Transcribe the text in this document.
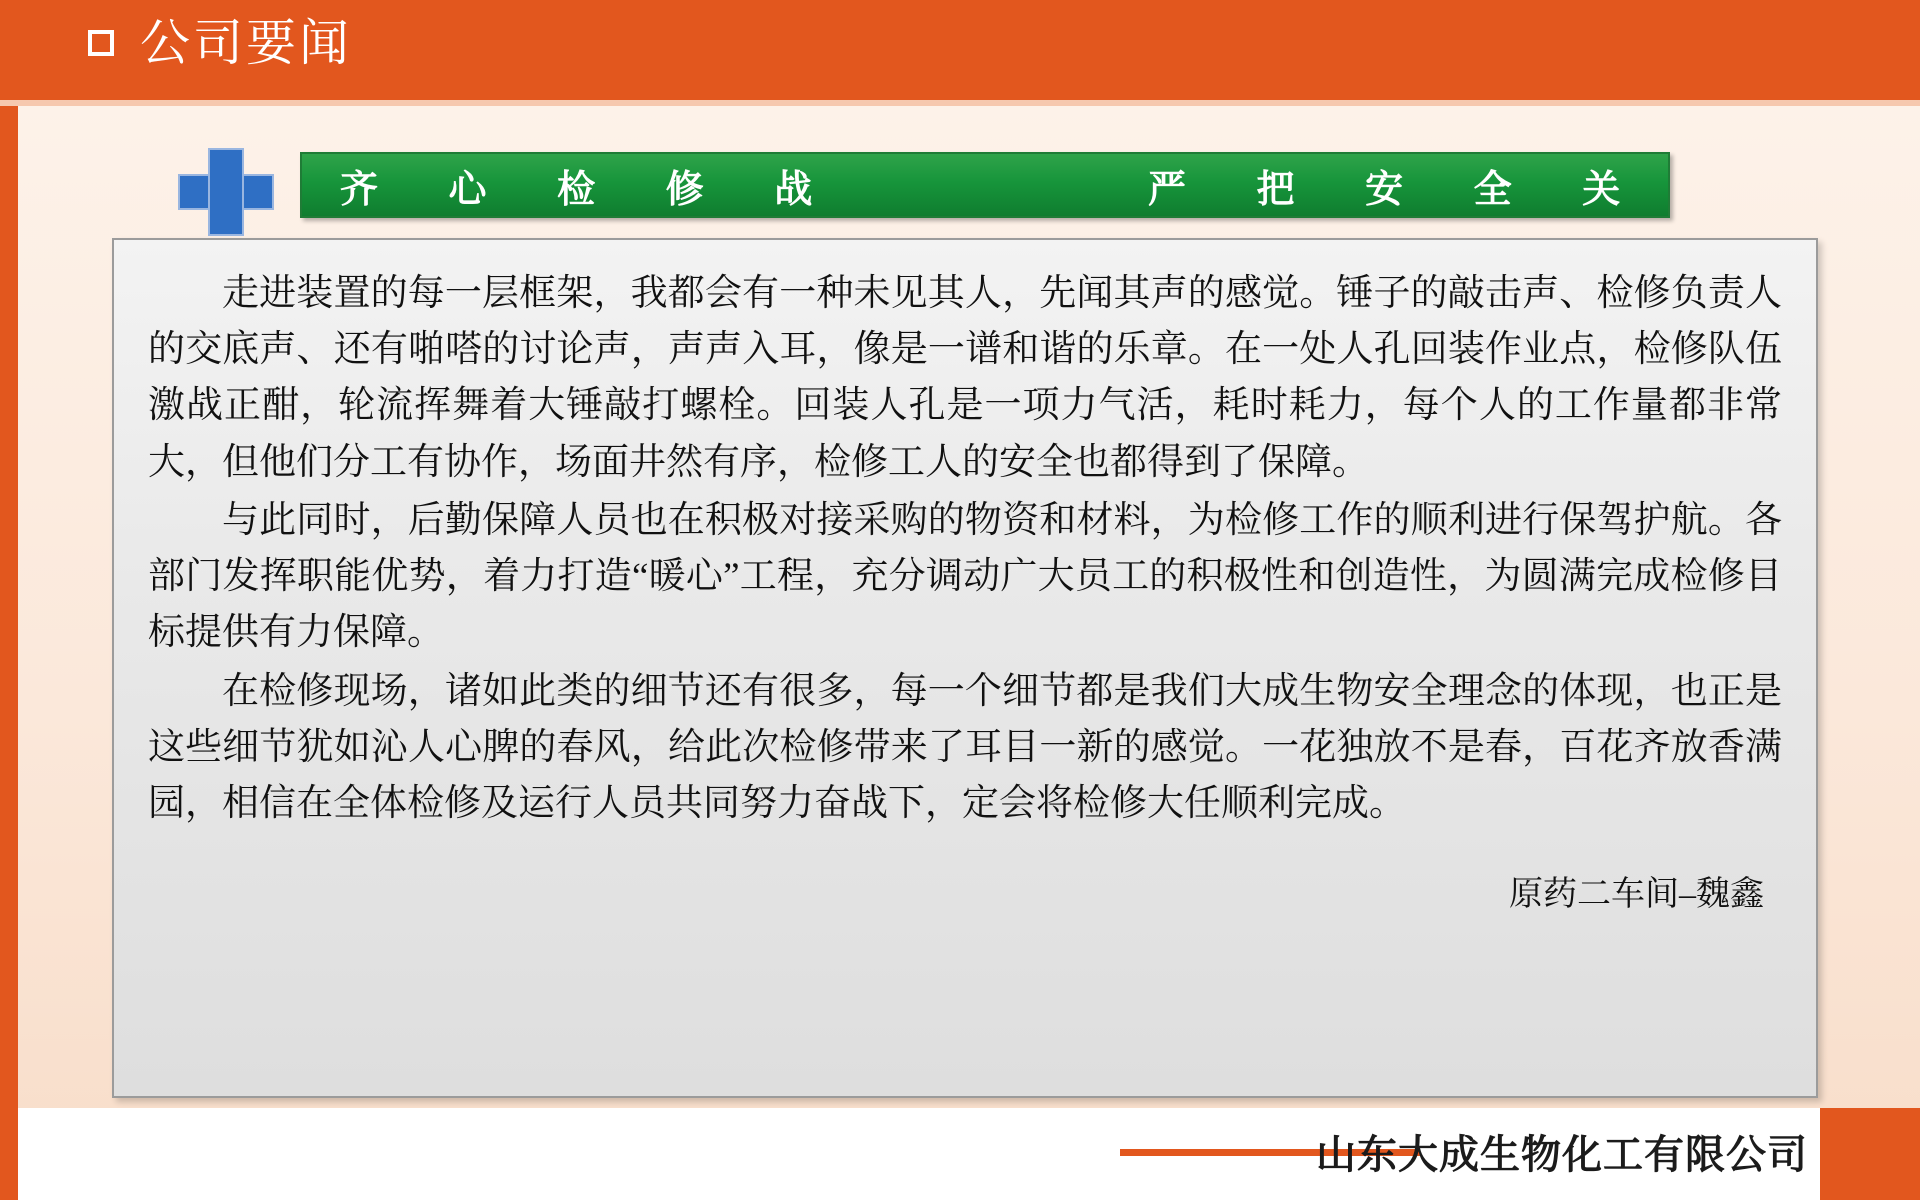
公司要闻
齐 心 检 修 战	严 把 安 全 关

走进装置的每一层框架，我都会有一种未见其人，先闻其声的感觉。锤子的敲击声、检修负责人的交底声、还有啪嗒的讨论声，声声入耳，像是一谱和谐的乐章。在一处人孔回装作业点，检修队伍激战正酣，轮流挥舞着大锤敲打螺栓。回装人孔是一项力气活，耗时耗力，每个人的工作量都非常大，但他们分工有协作，场面井然有序，检修工人的安全也都得到了保障。

与此同时，后勤保障人员也在积极对接采购的物资和材料，为检修工作的顺利进行保驾护航。各部门发挥职能优势，着力打造“暖心”工程，充分调动广大员工的积极性和创造性，为圆满完成检修目标提供有力保障。

在检修现场，诸如此类的细节还有很多，每一个细节都是我们大成生物安全理念的体现，也正是这些细节犹如沁人心脾的春风，给此次检修带来了耳目一新的感觉。一花独放不是春，百花齐放香满园，相信在全体检修及运行人员共同努力奋战下，定会将检修大任顺利完成。

原药二车间–魏鑫
山东大成生物化工有限公司
